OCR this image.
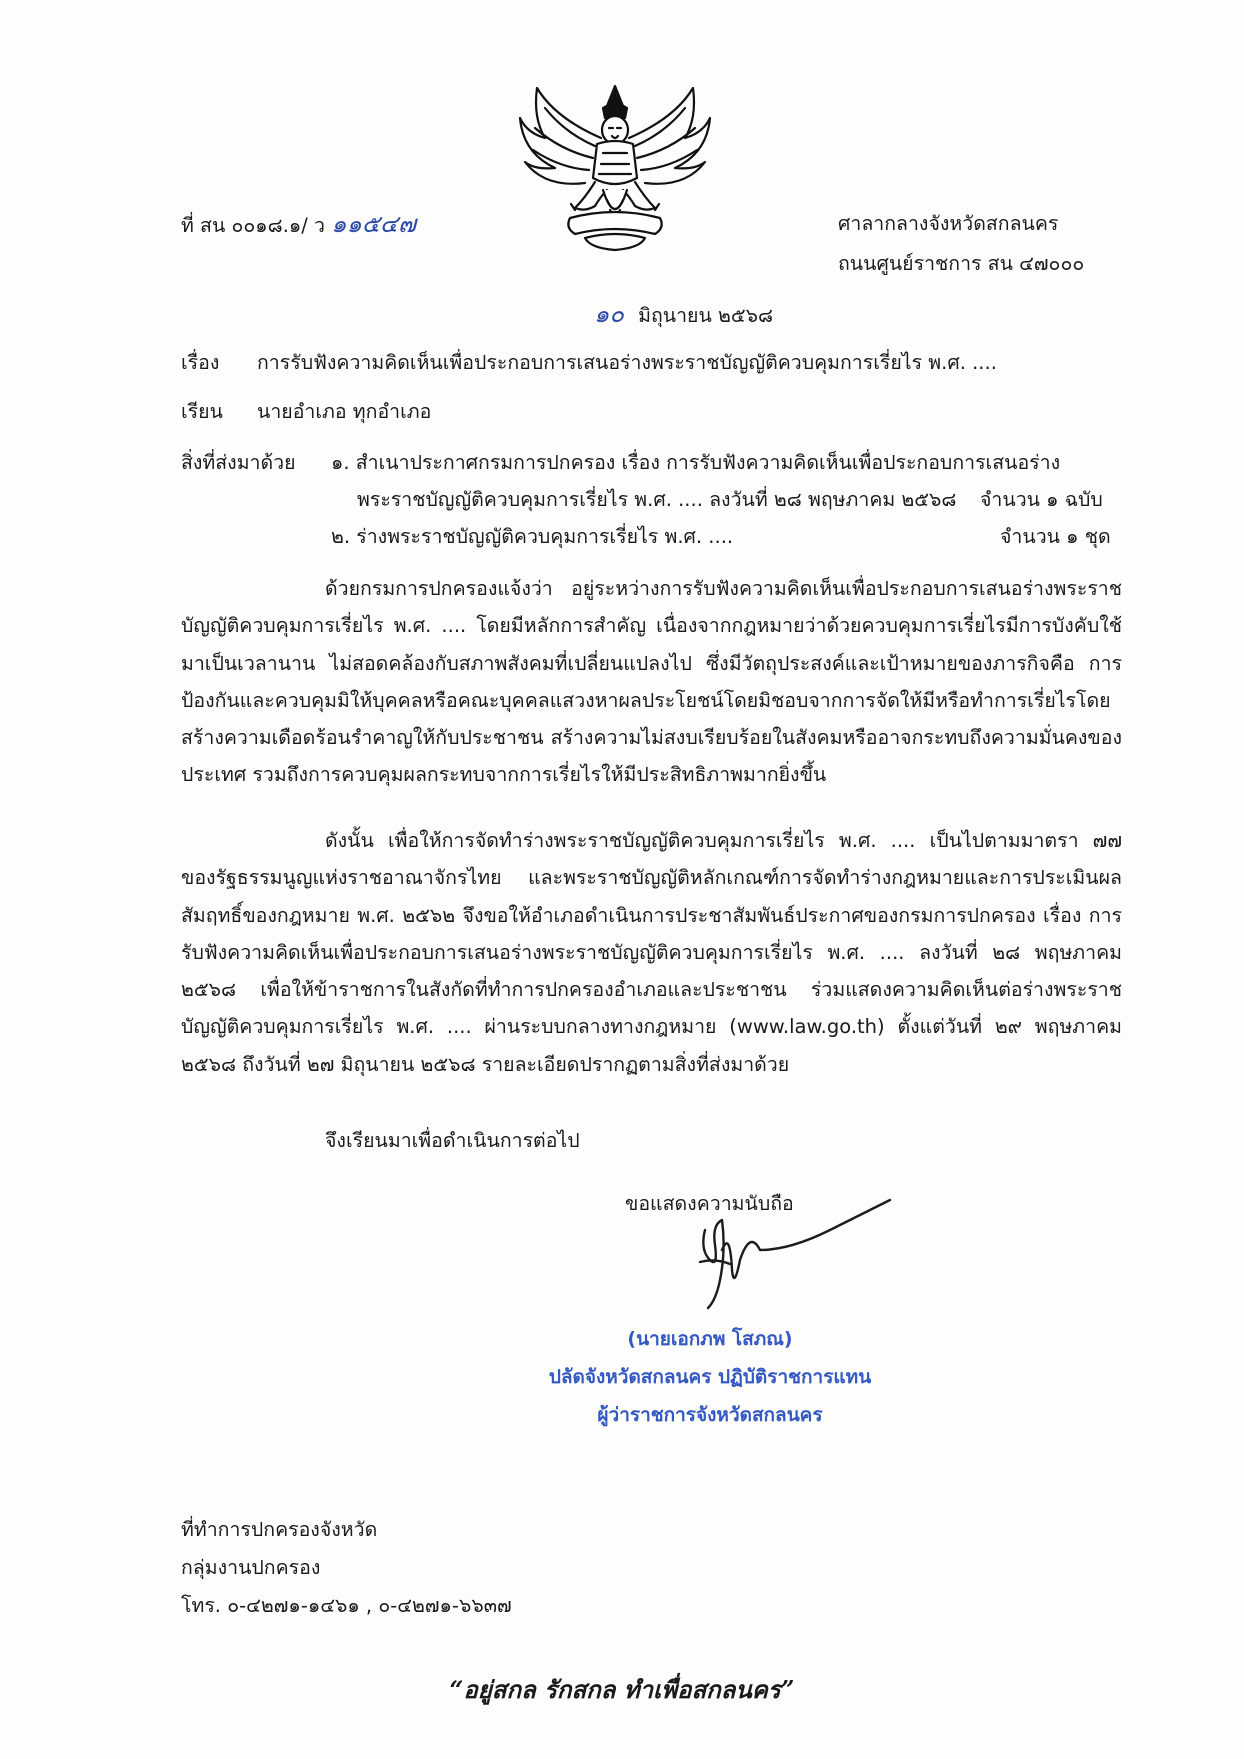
ที่ สน ๐๐๑๘.๑/ ว ๑๑๕๔๗	ศาลากลางจังหวัดสกลนคร
ถนนศูนย์ราชการ สน ๔๗๐๐๐
๑๐ มิถุนายน ๒๕๖๘
เรื่อง การรับฟังความคิดเห็นเพื่อประกอบการเสนอร่างพระราชบัญญัติควบคุมการเรี่ยไร พ.ศ. ....
เรียน นายอำเภอ ทุกอำเภอ
สิ่งที่ส่งมาด้วย ๑. สำเนาประกาศกรมการปกครอง เรื่อง การรับฟังความคิดเห็นเพื่อประกอบการเสนอร่าง
พระราชบัญญัติควบคุมการเรี่ยไร พ.ศ. .... ลงวันที่ ๒๘ พฤษภาคม ๒๕๖๘ จำนวน ๑ ฉบับ
๒. ร่างพระราชบัญญัติควบคุมการเรี่ยไร พ.ศ. ....	จำนวน ๑ ชุด
ด้วยกรมการปกครองแจ้งว่า อยู่ระหว่างการรับฟังความคิดเห็นเพื่อประกอบการเสนอร่างพระราชบัญญัติควบคุมการเรี่ยไร พ.ศ. .... โดยมีหลักการสำคัญ เนื่องจากกฎหมายว่าด้วยควบคุมการเรี่ยไรมีการบังคับใช้มาเป็นเวลานาน ไม่สอดคล้องกับสภาพสังคมที่เปลี่ยนแปลงไป ซึ่งมีวัตถุประสงค์และเป้าหมายของภารกิจคือ การป้องกันและควบคุมมิให้บุคคลหรือคณะบุคคลแสวงหาผลประโยชน์โดยมิชอบจากการจัดให้มีหรือทำการเรี่ยไรโดยสร้างความเดือดร้อนรำคาญให้กับประชาชน สร้างความไม่สงบเรียบร้อยในสังคมหรืออาจกระทบถึงความมั่นคงของประเทศ รวมถึงการควบคุมผลกระทบจากการเรี่ยไรให้มีประสิทธิภาพมากยิ่งขึ้น
ดังนั้น เพื่อให้การจัดทำร่างพระราชบัญญัติควบคุมการเรี่ยไร พ.ศ. .... เป็นไปตามมาตรา ๗๗ ของรัฐธรรมนูญแห่งราชอาณาจักรไทย และพระราชบัญญัติหลักเกณฑ์การจัดทำร่างกฎหมายและการประเมินผลสัมฤทธิ์ของกฎหมาย พ.ศ. ๒๕๖๒ จึงขอให้อำเภอดำเนินการประชาสัมพันธ์ประกาศของกรมการปกครอง เรื่อง การรับฟังความคิดเห็นเพื่อประกอบการเสนอร่างพระราชบัญญัติควบคุมการเรี่ยไร พ.ศ. .... ลงวันที่ ๒๘ พฤษภาคม ๒๕๖๘ เพื่อให้ข้าราชการในสังกัดที่ทำการปกครองอำเภอและประชาชน ร่วมแสดงความคิดเห็นต่อร่างพระราชบัญญัติควบคุมการเรี่ยไร พ.ศ. .... ผ่านระบบกลางทางกฎหมาย (www.law.go.th) ตั้งแต่วันที่ ๒๙ พฤษภาคม ๒๕๖๘ ถึงวันที่ ๒๗ มิถุนายน ๒๕๖๘ รายละเอียดปรากฏตามสิ่งที่ส่งมาด้วย
จึงเรียนมาเพื่อดำเนินการต่อไป
ขอแสดงความนับถือ
(นายเอกภพ โสภณ)
ปลัดจังหวัดสกลนคร ปฏิบัติราชการแทน
ผู้ว่าราชการจังหวัดสกลนคร
ที่ทำการปกครองจังหวัด
กลุ่มงานปกครอง
โทร. ๐-๔๒๗๑-๑๔๖๑ , ๐-๔๒๗๑-๖๖๓๗
“อยู่สกล รักสกล ทำเพื่อสกลนคร”
